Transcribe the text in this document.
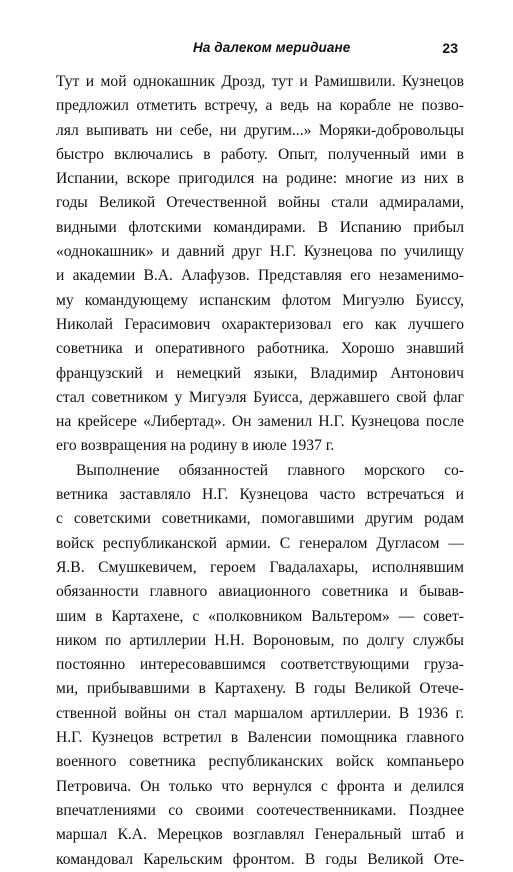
На далеком меридиане	23
Тут и мой однокашник Дрозд, тут и Рамишвили. Кузнецов
предложил отметить встречу, а ведь на корабле не позво-
лял выпивать ни себе, ни другим...» Моряки-добровольцы
быстро включались в работу. Опыт, полученный ими в
Испании, вскоре пригодился на родине: многие из них в
годы Великой Отечественной войны стали адмиралами,
видными флотскими командирами. В Испанию прибыл
«однокашник» и давний друг Н.Г. Кузнецова по училищу
и академии В.А. Алафузов. Представляя его незаменимо-
му командующему испанским флотом Мигуэлю Буиссу,
Николай Герасимович охарактеризовал его как лучшего
советника и оперативного работника. Хорошо знавший
французский и немецкий языки, Владимир Антонович
стал советником у Мигуэля Буисса, державшего свой флаг
на крейсере «Либертад». Он заменил Н.Г. Кузнецова после
его возвращения на родину в июле 1937 г.
Выполнение обязанностей главного морского со-
ветника заставляло Н.Г. Кузнецова часто встречаться и
с советскими советниками, помогавшими другим родам
войск республиканской армии. С генералом Дугласом —
Я.В. Смушкевичем, героем Гвадалахары, исполнявшим
обязанности главного авиационного советника и бывав-
шим в Картахене, с «полковником Вальтером» — совет-
ником по артиллерии Н.Н. Вороновым, по долгу службы
постоянно интересовавшимся соответствующими груза-
ми, прибывавшими в Картахену. В годы Великой Отече-
ственной войны он стал маршалом артиллерии. В 1936 г.
Н.Г. Кузнецов встретил в Валенсии помощника главного
военного советника республиканских войск компаньеро
Петровича. Он только что вернулся с фронта и делился
впечатлениями со своими соотечественниками. Позднее
маршал К.А. Мерецков возглавлял Генеральный штаб и
командовал Карельским фронтом. В годы Великой Оте-
